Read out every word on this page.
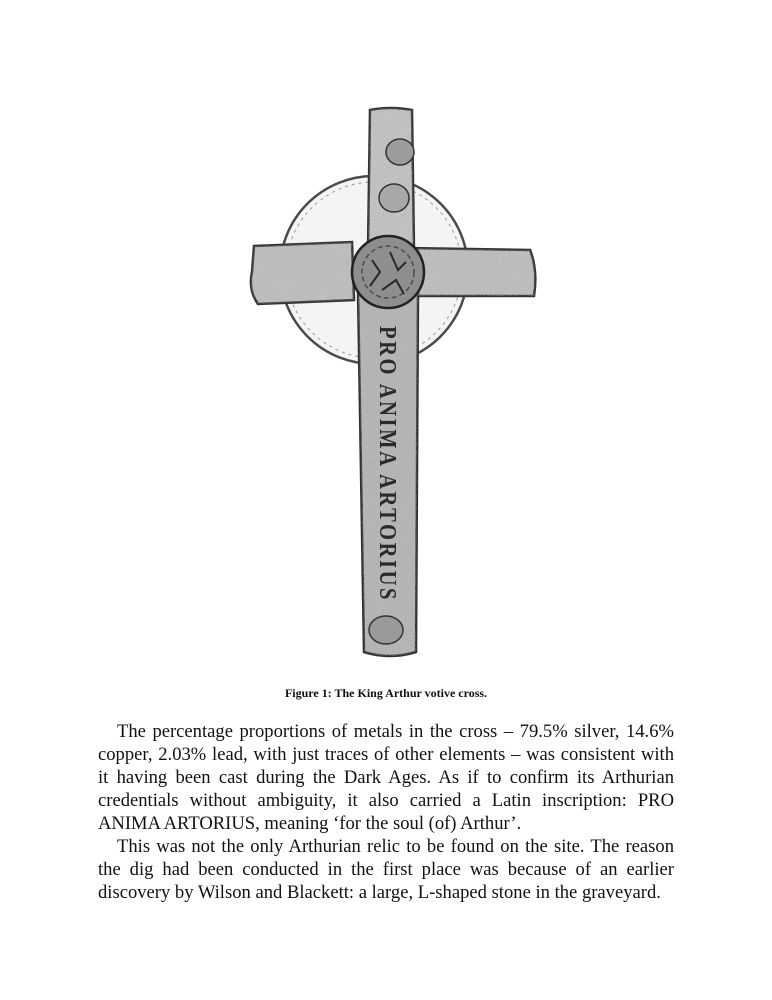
PRO ANIMA ARTORIUS
Figure 1: The King Arthur votive cross.

The percentage proportions of metals in the cross – 79.5% silver, 14.6% copper, 2.03% lead, with just traces of other elements – was consistent with it having been cast during the Dark Ages. As if to confirm its Arthurian credentials without ambiguity, it also carried a Latin inscription: PRO ANIMA ARTORIUS, meaning ‘for the soul (of) Arthur’.

This was not the only Arthurian relic to be found on the site. The reason the dig had been conducted in the first place was because of an earlier discovery by Wilson and Blackett: a large, L-shaped stone in the graveyard.
